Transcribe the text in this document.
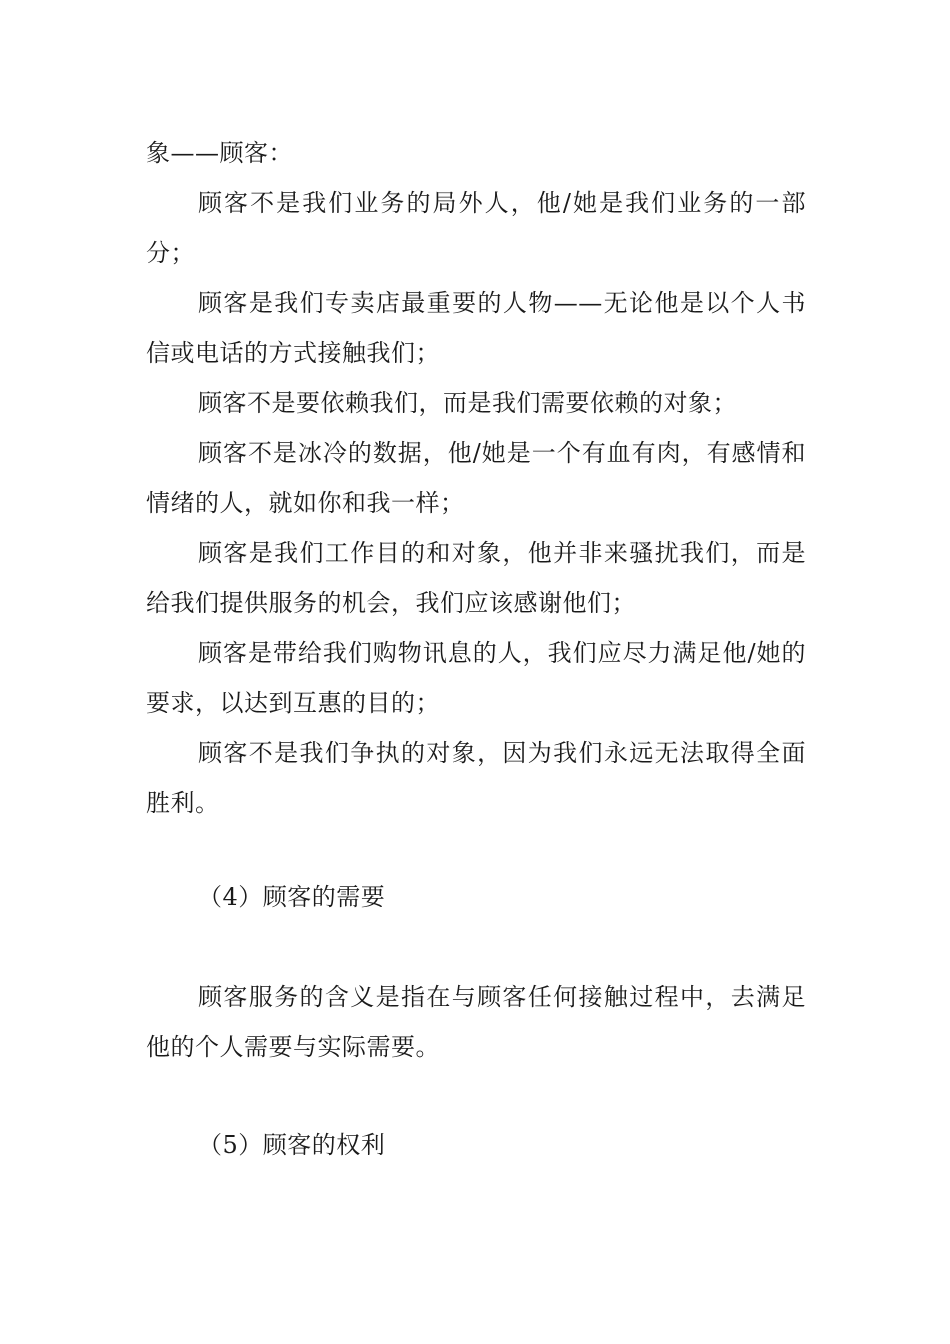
象——顾客：

顾客不是我们业务的局外人，他/她是我们业务的一部分；

顾客是我们专卖店最重要的人物——无论他是以个人书信或电话的方式接触我们；

顾客不是要依赖我们，而是我们需要依赖的对象；

顾客不是冰冷的数据，他/她是一个有血有肉，有感情和情绪的人，就如你和我一样；

顾客是我们工作目的和对象，他并非来骚扰我们，而是给我们提供服务的机会，我们应该感谢他们；

顾客是带给我们购物讯息的人，我们应尽力满足他/她的要求，以达到互惠的目的；

顾客不是我们争执的对象，因为我们永远无法取得全面胜利。

（4）顾客的需要

顾客服务的含义是指在与顾客任何接触过程中，去满足他的个人需要与实际需要。

（5）顾客的权利
